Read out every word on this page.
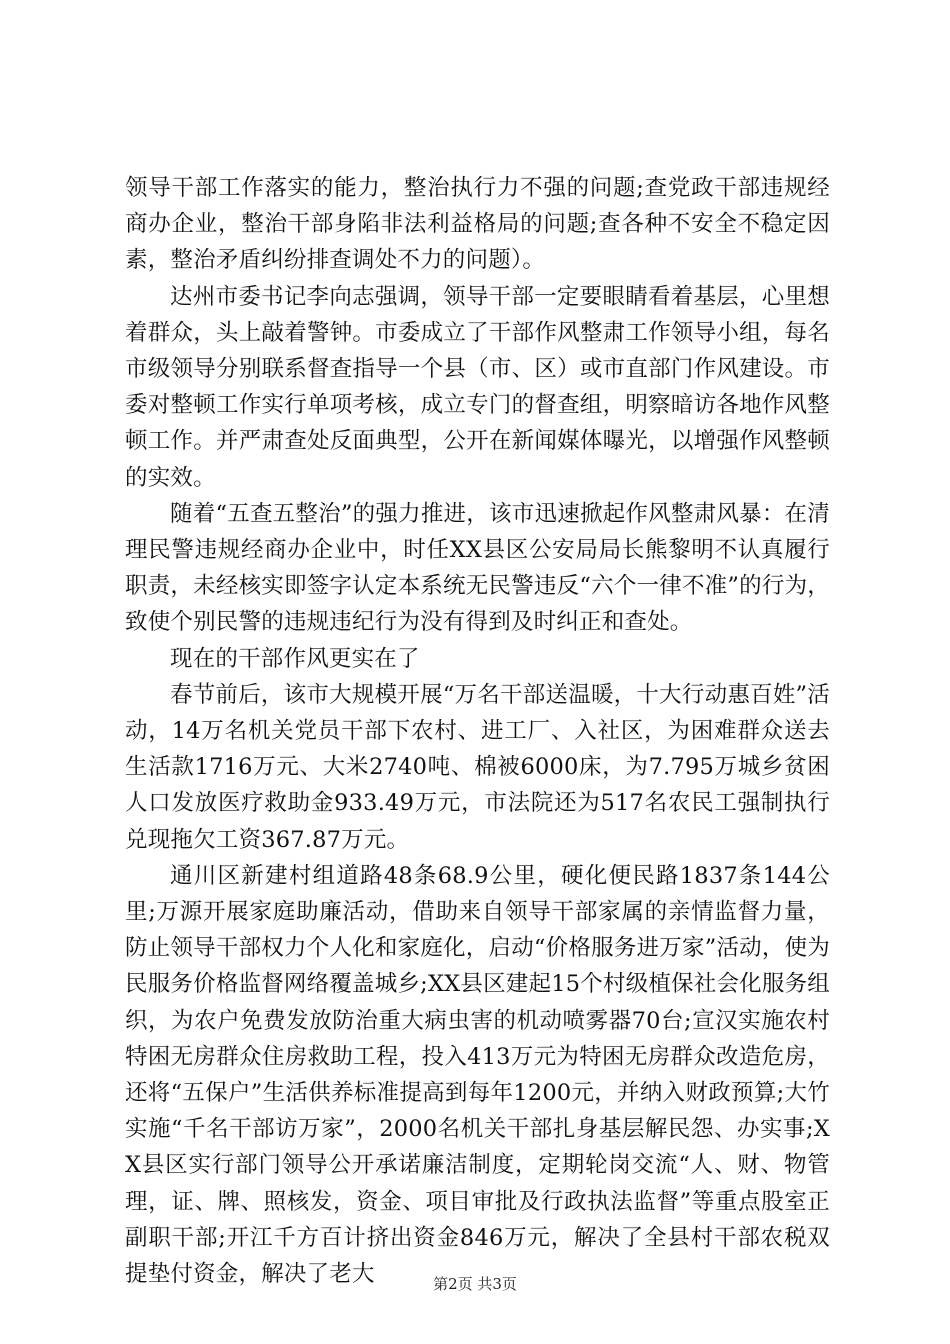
领导干部工作落实的能力，整治执行力不强的问题;查党政干部违规经商办企业，整治干部身陷非法利益格局的问题;查各种不安全不稳定因素，整治矛盾纠纷排查调处不力的问题）。

达州市委书记李向志强调，领导干部一定要眼睛看着基层，心里想着群众，头上敲着警钟。市委成立了干部作风整肃工作领导小组，每名市级领导分别联系督查指导一个县（市、区）或市直部门作风建设。市委对整顿工作实行单项考核，成立专门的督查组，明察暗访各地作风整顿工作。并严肃查处反面典型，公开在新闻媒体曝光，以增强作风整顿的实效。

随着“五查五整治”的强力推进，该市迅速掀起作风整肃风暴：在清理民警违规经商办企业中，时任XX县区公安局局长熊黎明不认真履行职责，未经核实即签字认定本系统无民警违反“六个一律不准”的行为，致使个别民警的违规违纪行为没有得到及时纠正和查处。

现在的干部作风更实在了

春节前后，该市大规模开展“万名干部送温暖，十大行动惠百姓”活动，14万名机关党员干部下农村、进工厂、入社区，为困难群众送去生活款1716万元、大米2740吨、棉被6000床，为7.795万城乡贫困人口发放医疗救助金933.49万元，市法院还为517名农民工强制执行兑现拖欠工资367.87万元。

通川区新建村组道路48条68.9公里，硬化便民路1837条144公里;万源开展家庭助廉活动，借助来自领导干部家属的亲情监督力量，防止领导干部权力个人化和家庭化，启动“价格服务进万家”活动，使为民服务价格监督网络覆盖城乡;XX县区建起15个村级植保社会化服务组织，为农户免费发放防治重大病虫害的机动喷雾器70台;宣汉实施农村特困无房群众住房救助工程，投入413万元为特困无房群众改造危房，还将“五保户”生活供养标准提高到每年1200元，并纳入财政预算;大竹实施“千名干部访万家”，2000名机关干部扎身基层解民怨、办实事;XX县区实行部门领导公开承诺廉洁制度，定期轮岗交流“人、财、物管理，证、牌、照核发，资金、项目审批及行政执法监督”等重点股室正副职干部;开江千方百计挤出资金846万元，解决了全县村干部农税双提垫付资金，解决了老大	第2页 共3页
